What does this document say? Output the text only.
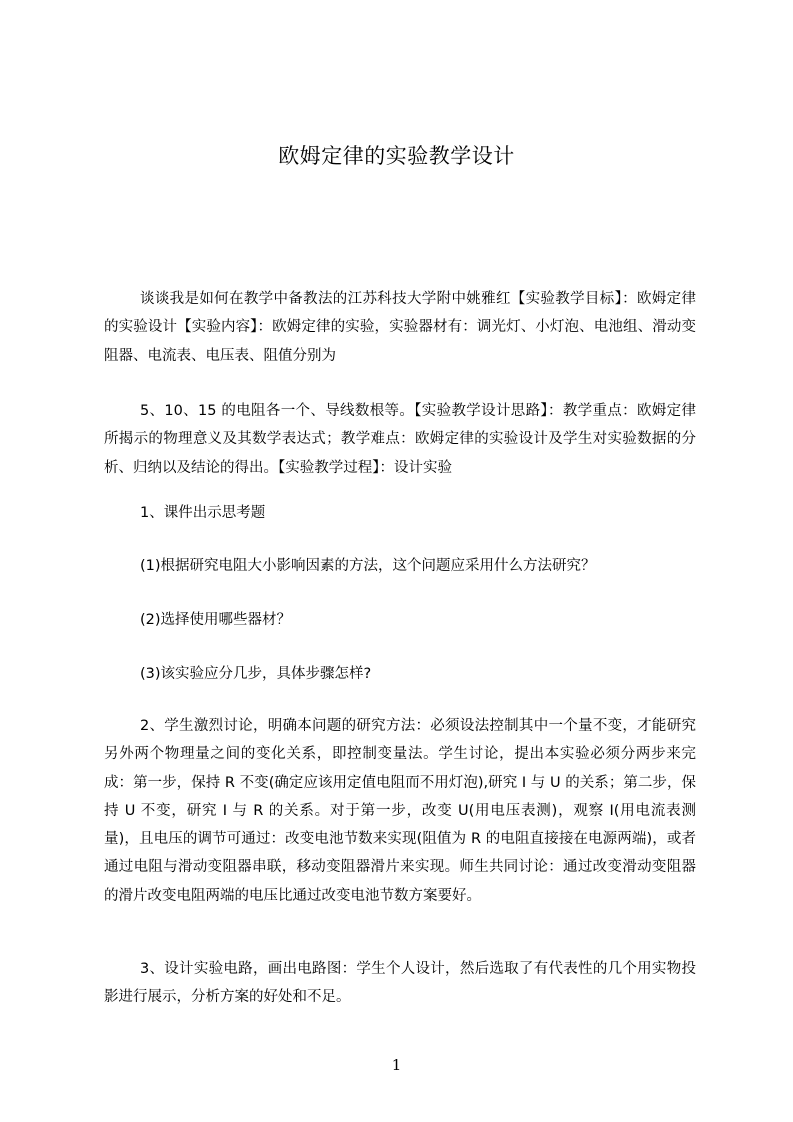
欧姆定律的实验教学设计
谈谈我是如何在教学中备教法的江苏科技大学附中姚雅红【实验教学目标】：欧姆定律的实验设计【实验内容】：欧姆定律的实验，实验器材有：调光灯、小灯泡、电池组、滑动变阻器、电流表、电压表、阻值分别为
5、10、15 的电阻各一个、导线数根等。【实验教学设计思路】：教学重点：欧姆定律所揭示的物理意义及其数学表达式；教学难点：欧姆定律的实验设计及学生对实验数据的分析、归纳以及结论的得出。【实验教学过程】：设计实验
1、课件出示思考题
(1)根据研究电阻大小影响因素的方法，这个问题应采用什么方法研究？
(2)选择使用哪些器材？
(3)该实验应分几步，具体步骤怎样?
2、学生激烈讨论，明确本问题的研究方法：必须设法控制其中一个量不变，才能研究另外两个物理量之间的变化关系，即控制变量法。学生讨论，提出本实验必须分两步来完成：第一步，保持 R 不变(确定应该用定值电阻而不用灯泡),研究 I 与 U 的关系；第二步，保持 U 不变，研究 I 与 R 的关系。对于第一步，改变 U(用电压表测)，观察 I(用电流表测量)，且电压的调节可通过：改变电池节数来实现(阻值为 R 的电阻直接接在电源两端)，或者通过电阻与滑动变阻器串联，移动变阻器滑片来实现。师生共同讨论：通过改变滑动变阻器的滑片改变电阻两端的电压比通过改变电池节数方案要好。
3、设计实验电路，画出电路图：学生个人设计，然后选取了有代表性的几个用实物投影进行展示，分析方案的好处和不足。
1
